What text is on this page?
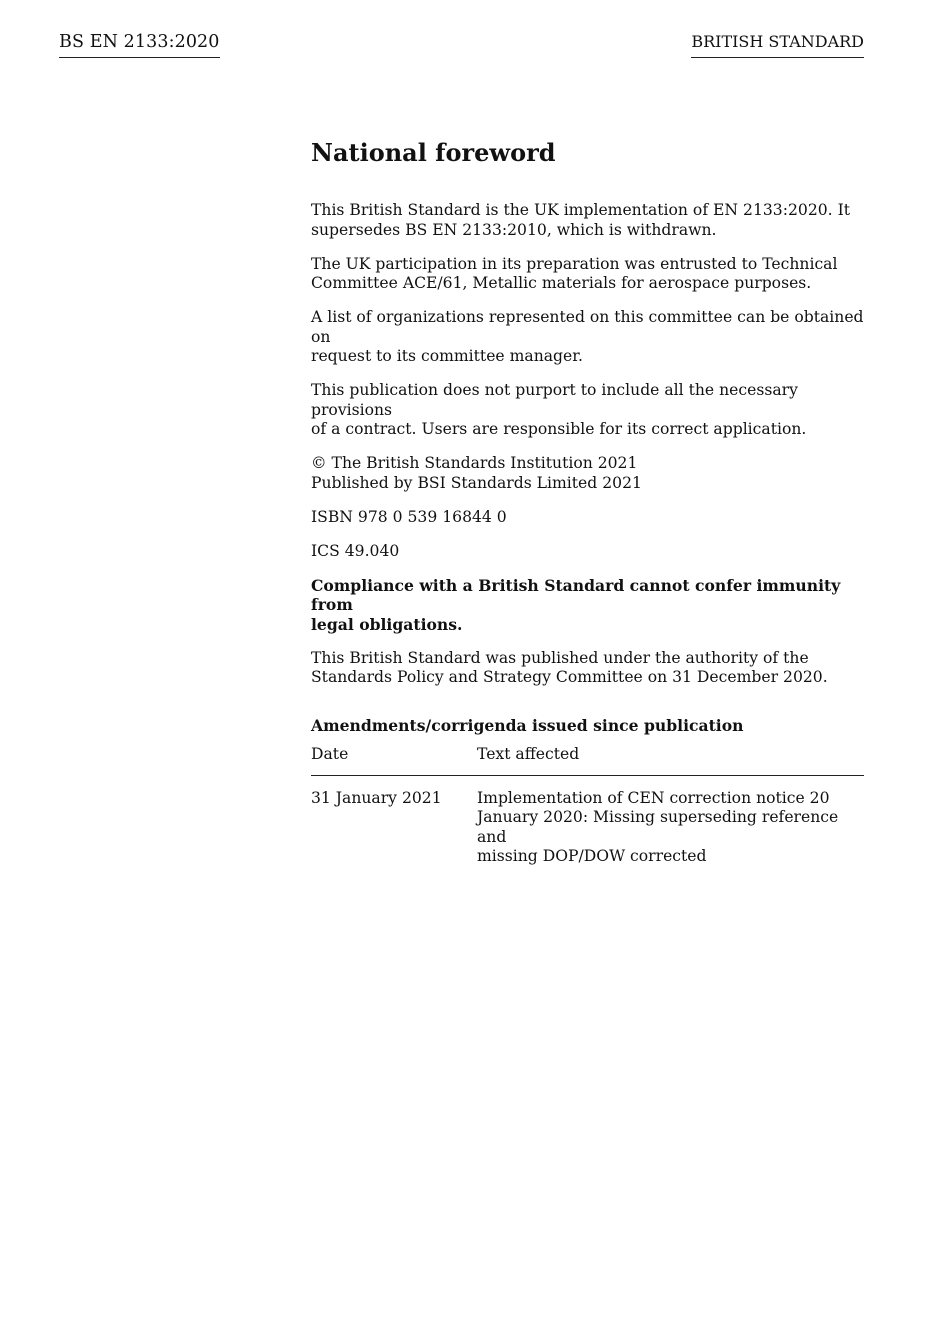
BS EN 2133:2020	BRITISH STANDARD
National foreword

This British Standard is the UK implementation of EN 2133:2020. It
supersedes BS EN 2133:2010, which is withdrawn.

The UK participation in its preparation was entrusted to Technical
Committee ACE/61, Metallic materials for aerospace purposes.

A list of organizations represented on this committee can be obtained on
request to its committee manager.

This publication does not purport to include all the necessary provisions
of a contract. Users are responsible for its correct application.

© The British Standards Institution 2021
Published by BSI Standards Limited 2021

ISBN 978 0 539 16844 0

ICS 49.040

Compliance with a British Standard cannot confer immunity from
legal obligations.

This British Standard was published under the authority of the
Standards Policy and Strategy Committee on 31 December 2020.

Amendments/corrigenda issued since publication
Date	Text affected
31 January 2021	Implementation of CEN correction notice 20
January 2020: Missing superseding reference and
missing DOP/DOW corrected
